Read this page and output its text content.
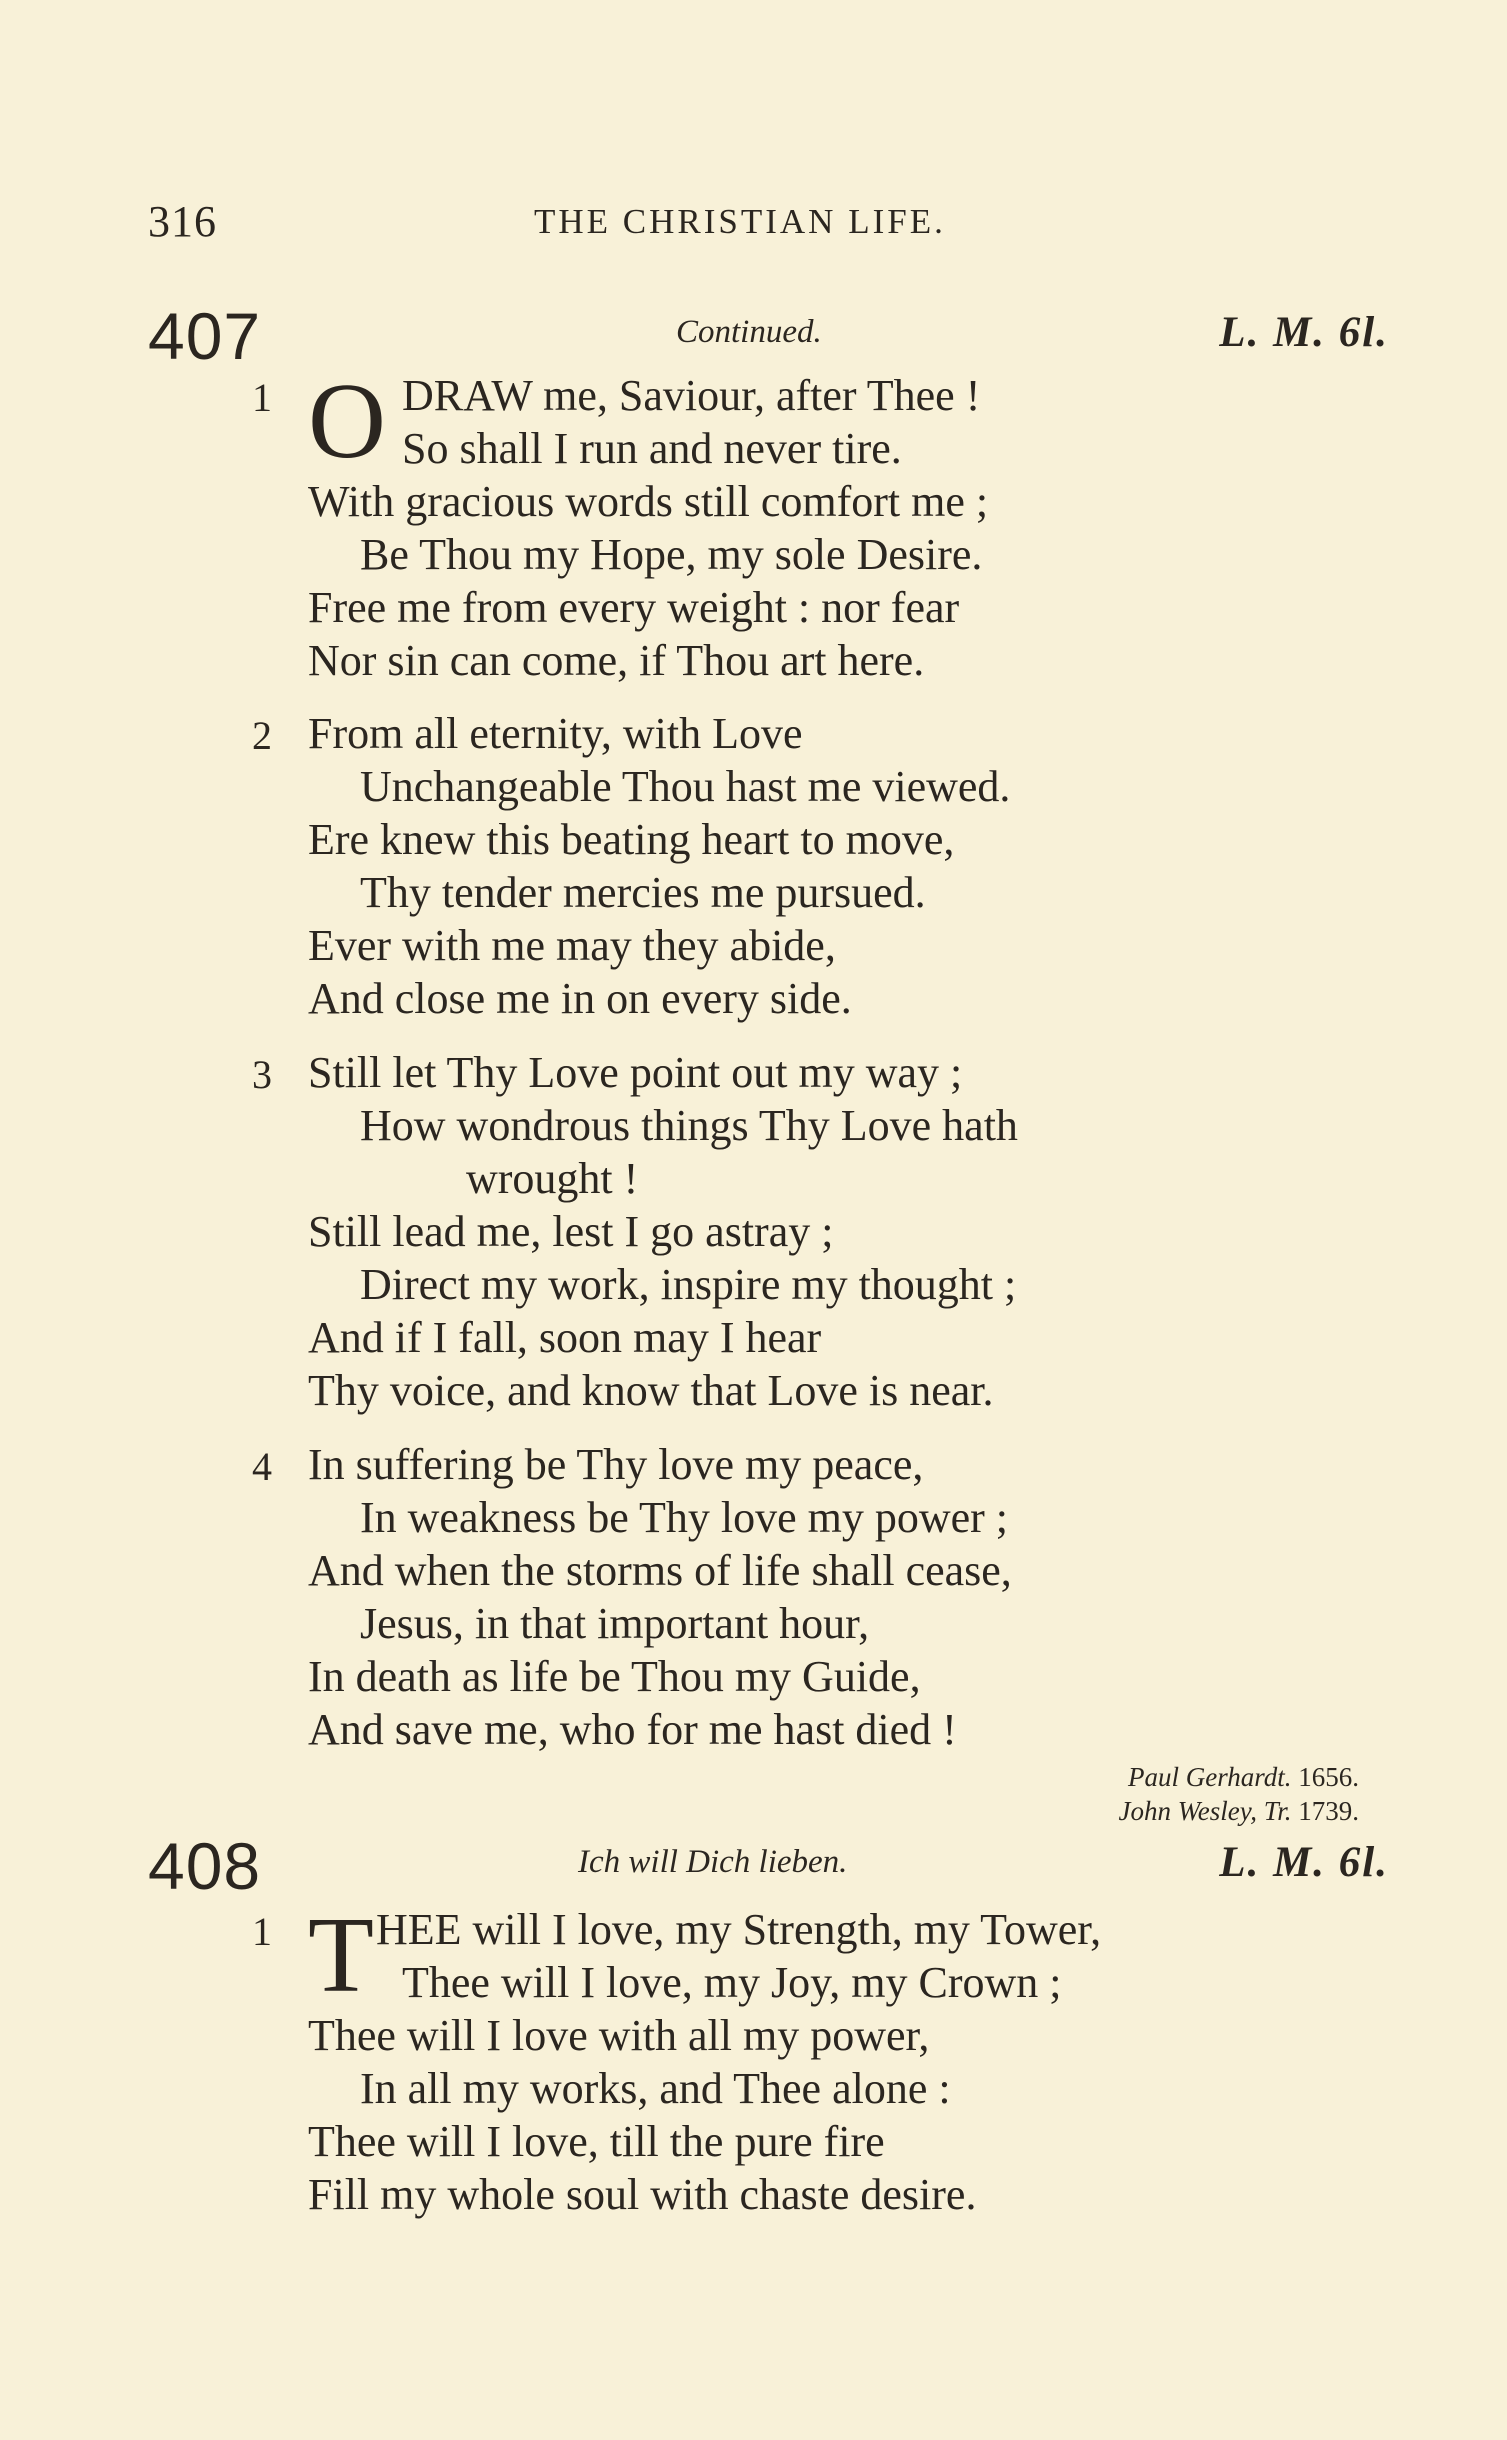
316	THE CHRISTIAN LIFE.
407	Continued.	L. M. 6l.
1 O DRAW me, Saviour, after Thee !
So shall I run and never tire.
With gracious words still comfort me ;
Be Thou my Hope, my sole Desire.
Free me from every weight : nor fear
Nor sin can come, if Thou art here.
2 From all eternity, with Love
Unchangeable Thou hast me viewed.
Ere knew this beating heart to move,
Thy tender mercies me pursued.
Ever with me may they abide,
And close me in on every side.
3 Still let Thy Love point out my way ;
How wondrous things Thy Love hath
wrought !
Still lead me, lest I go astray ;
Direct my work, inspire my thought ;
And if I fall, soon may I hear
Thy voice, and know that Love is near.
4 In suffering be Thy love my peace,
In weakness be Thy love my power ;
And when the storms of life shall cease,
Jesus, in that important hour,
In death as life be Thou my Guide,
And save me, who for me hast died !
Paul Gerhardt. 1656.
John Wesley, Tr. 1739.
408	Ich will Dich lieben.	L. M. 6l.
1 T HEE will I love, my Strength, my Tower,
Thee will I love, my Joy, my Crown ;
Thee will I love with all my power,
In all my works, and Thee alone :
Thee will I love, till the pure fire
Fill my whole soul with chaste desire.
